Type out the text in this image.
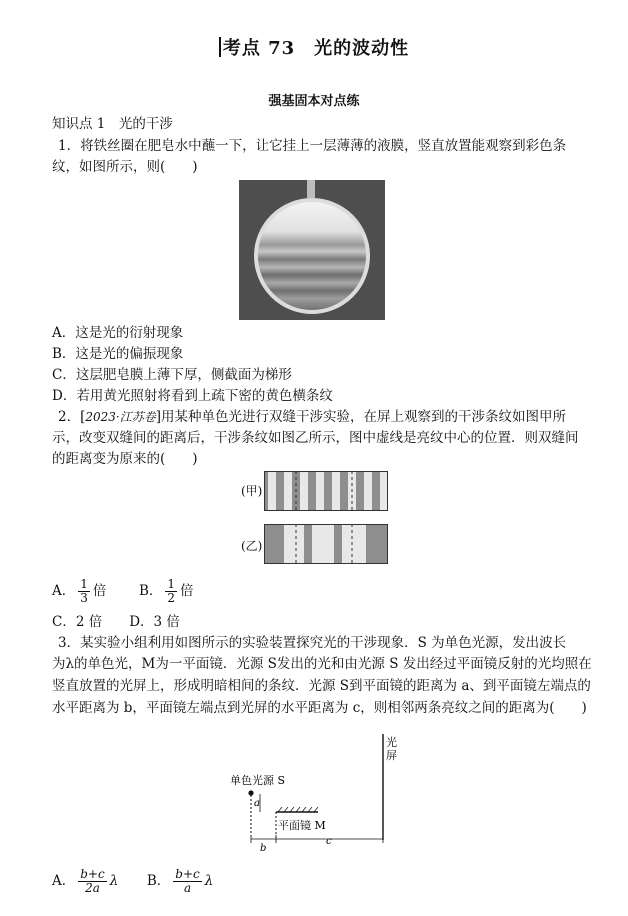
考点 73　光的波动性
强基固本对点练
知识点 1　光的干涉
1．将铁丝圈在肥皂水中蘸一下，让它挂上一层薄薄的液膜，竖直放置能观察到彩色条
纹，如图所示，则(　　)
A．这是光的衍射现象
B．这是光的偏振现象
C．这层肥皂膜上薄下厚，侧截面为梯形
D．若用黄光照射将看到上疏下密的黄色横条纹
2．[2023·江苏卷]用某种单色光进行双缝干涉实验，在屏上观察到的干涉条纹如图甲所
示，改变双缝间的距离后，干涉条纹如图乙所示，图中虚线是亮纹中心的位置．则双缝间
的距离变为原来的(　　)
(甲)
(乙)
A． $\frac{1}{3}$ 倍 B． $\frac{1}{2}$ 倍
C．2 倍　　D．3 倍
3．某实验小组利用如图所示的实验装置探究光的干涉现象．S 为单色光源，发出波长
为λ的单色光，M为一平面镜．光源 S发出的光和由光源 S 发出经过平面镜反射的光均照在
竖直放置的光屏上，形成明暗相间的条纹．光源 S到平面镜的距离为 a、到平面镜左端点的
水平距离为 b，平面镜左端点到光屏的水平距离为 c，则相邻两条亮纹之间的距离为(　　)
光
屏
单色光源 S
a
平面镜 M
b
c
A． $\frac{b+c}{2a}$ λ B． $\frac{b+c}{a}$ λ
